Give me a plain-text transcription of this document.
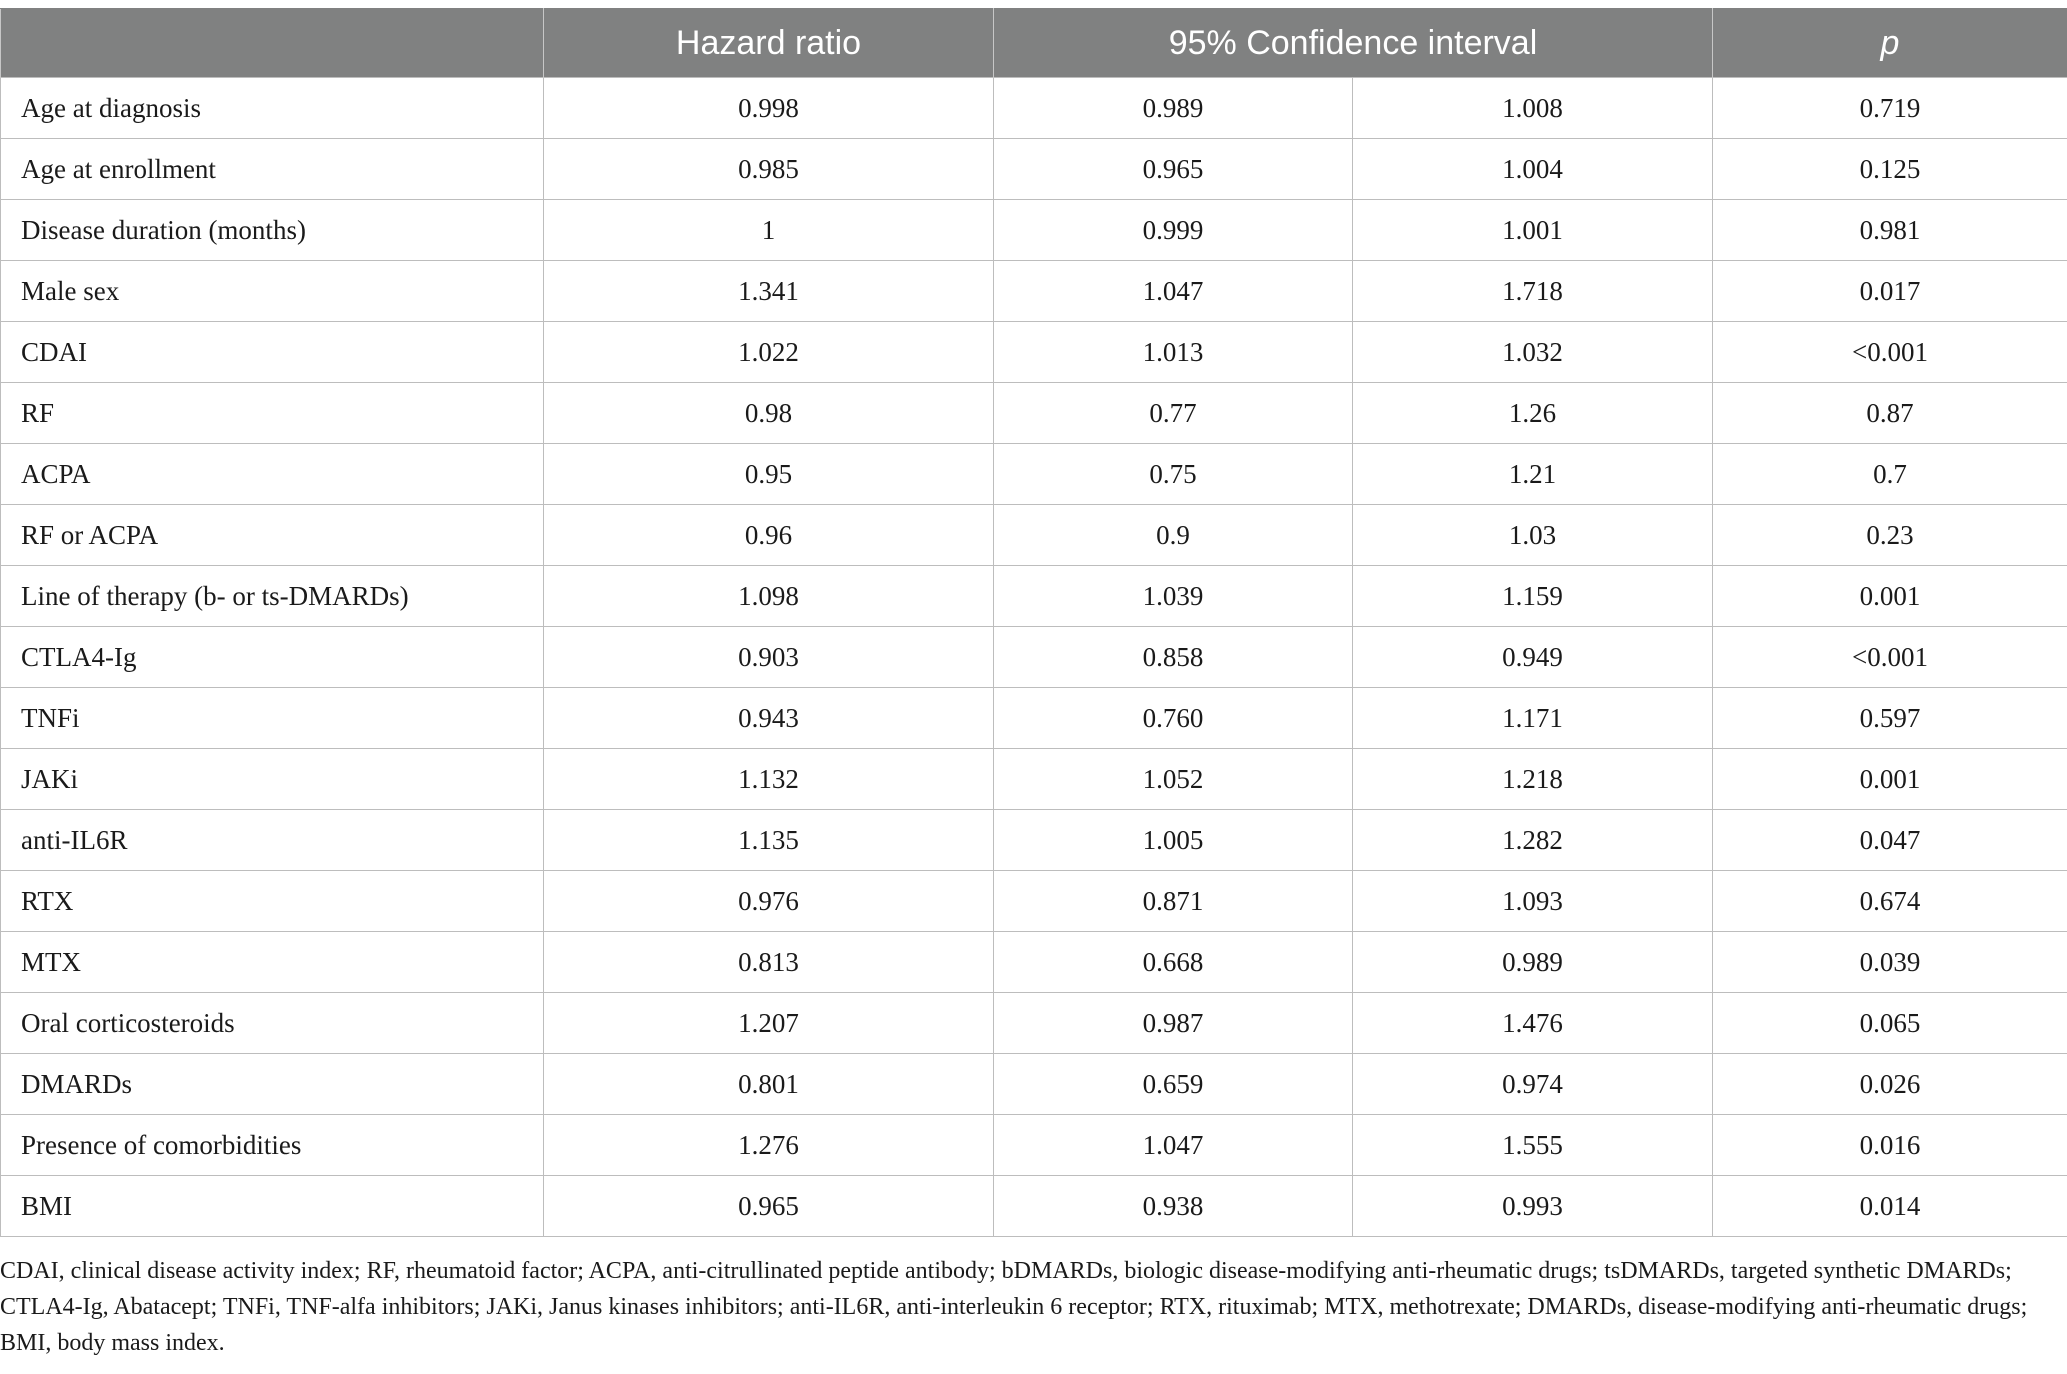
	Hazard ratio	95% Confidence interval		p
Age at diagnosis	0.998	0.989	1.008	0.719
Age at enrollment	0.985	0.965	1.004	0.125
Disease duration (months)	1	0.999	1.001	0.981
Male sex	1.341	1.047	1.718	0.017
CDAI	1.022	1.013	1.032	<0.001
RF	0.98	0.77	1.26	0.87
ACPA	0.95	0.75	1.21	0.7
RF or ACPA	0.96	0.9	1.03	0.23
Line of therapy (b- or ts-DMARDs)	1.098	1.039	1.159	0.001
CTLA4-Ig	0.903	0.858	0.949	<0.001
TNFi	0.943	0.760	1.171	0.597
JAKi	1.132	1.052	1.218	0.001
anti-IL6R	1.135	1.005	1.282	0.047
RTX	0.976	0.871	1.093	0.674
MTX	0.813	0.668	0.989	0.039
Oral corticosteroids	1.207	0.987	1.476	0.065
DMARDs	0.801	0.659	0.974	0.026
Presence of comorbidities	1.276	1.047	1.555	0.016
BMI	0.965	0.938	0.993	0.014
CDAI, clinical disease activity index; RF, rheumatoid factor; ACPA, anti-citrullinated peptide antibody; bDMARDs, biologic disease-modifying anti-rheumatic drugs; tsDMARDs, targeted synthetic DMARDs; CTLA4-Ig, Abatacept; TNFi, TNF-alfa inhibitors; JAKi, Janus kinases inhibitors; anti-IL6R, anti-interleukin 6 receptor; RTX, rituximab; MTX, methotrexate; DMARDs, disease-modifying anti-rheumatic drugs; BMI, body mass index.
